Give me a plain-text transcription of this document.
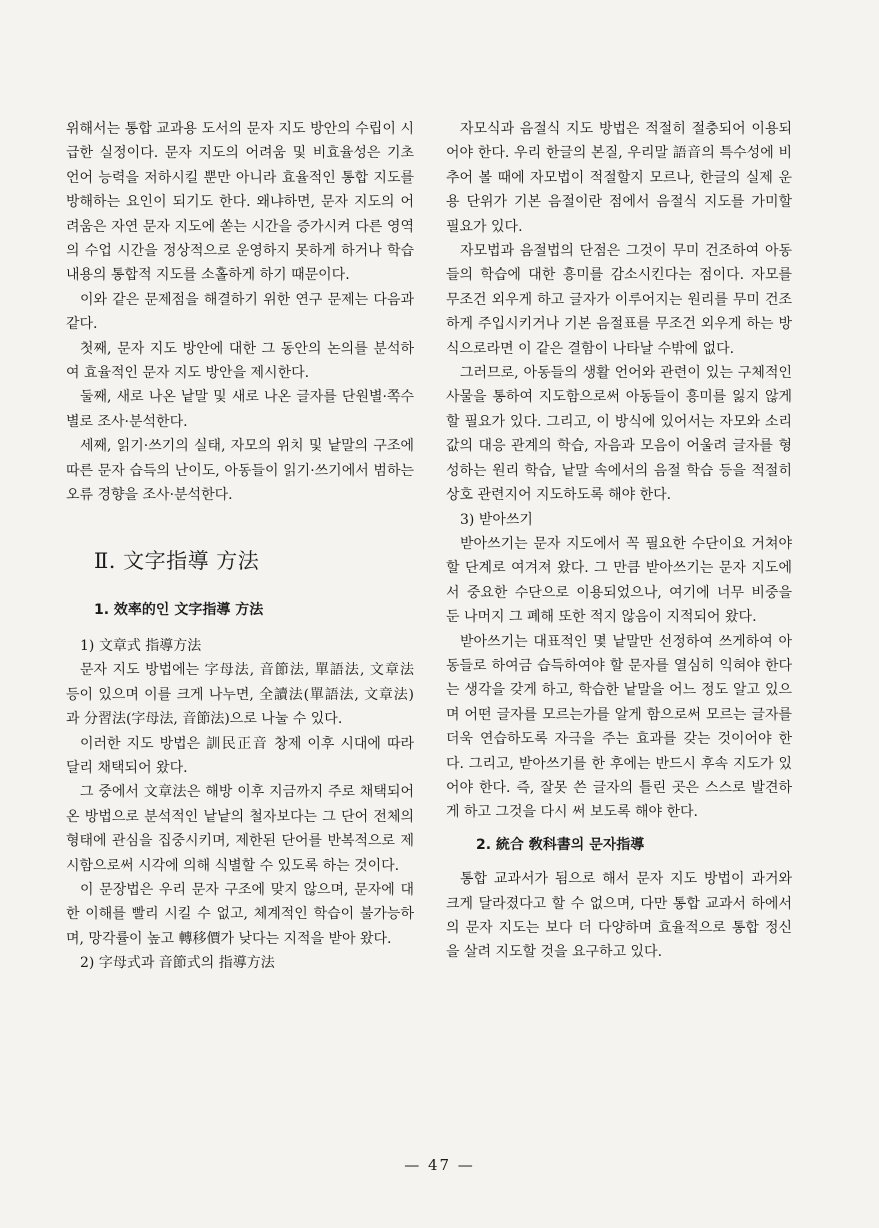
위해서는 통합 교과용 도서의 문자 지도 방안의 수립이 시급한 실정이다. 문자 지도의 어려움 및 비효율성은 기초 언어 능력을 저하시킬 뿐만 아니라 효율적인 통합 지도를 방해하는 요인이 되기도 한다. 왜냐하면, 문자 지도의 어려움은 자연 문자 지도에 쏟는 시간을 증가시켜 다른 영역의 수업 시간을 정상적으로 운영하지 못하게 하거나 학습 내용의 통합적 지도를 소홀하게 하기 때문이다.

이와 같은 문제점을 해결하기 위한 연구 문제는 다음과 같다.

첫째, 문자 지도 방안에 대한 그 동안의 논의를 분석하여 효율적인 문자 지도 방안을 제시한다.

둘째, 새로 나온 낱말 및 새로 나온 글자를 단원별·쪽수별로 조사·분석한다.

세째, 읽기·쓰기의 실태, 자모의 위치 및 낱말의 구조에 따른 문자 습득의 난이도, 아동들이 읽기·쓰기에서 범하는 오류 경향을 조사·분석한다.

Ⅱ. 文字指導 方法
1. 效率的인 文字指導 方法
1) 文章式 指導方法

문자 지도 방법에는 字母法, 音節法, 單語法, 文章法 등이 있으며 이를 크게 나누면, 全讀法(單語法, 文章法)과 分習法(字母法, 音節法)으로 나눌 수 있다.

이러한 지도 방법은 訓民正音 창제 이후 시대에 따라 달리 채택되어 왔다.

그 중에서 文章法은 해방 이후 지금까지 주로 채택되어 온 방법으로 분석적인 낱낱의 철자보다는 그 단어 전체의 형태에 관심을 집중시키며, 제한된 단어를 반복적으로 제시함으로써 시각에 의해 식별할 수 있도록 하는 것이다.

이 문장법은 우리 문자 구조에 맞지 않으며, 문자에 대한 이해를 빨리 시킬 수 없고, 체계적인 학습이 불가능하며, 망각률이 높고 轉移價가 낮다는 지적을 받아 왔다.

2) 字母式과 音節式의 指導方法

자모식과 음절식 지도 방법은 적절히 절충되어 이용되어야 한다. 우리 한글의 본질, 우리말 語音의 특수성에 비추어 볼 때에 자모법이 적절할지 모르나, 한글의 실제 운용 단위가 기본 음절이란 점에서 음절식 지도를 가미할 필요가 있다.

자모법과 음절법의 단점은 그것이 무미 건조하여 아동들의 학습에 대한 흥미를 감소시킨다는 점이다. 자모를 무조건 외우게 하고 글자가 이루어지는 원리를 무미 건조하게 주입시키거나 기본 음절표를 무조건 외우게 하는 방식으로라면 이 같은 결함이 나타날 수밖에 없다.

그러므로, 아동들의 생활 언어와 관련이 있는 구체적인 사물을 통하여 지도함으로써 아동들이 흥미를 잃지 않게 할 필요가 있다. 그리고, 이 방식에 있어서는 자모와 소리값의 대응 관계의 학습, 자음과 모음이 어울려 글자를 형성하는 원리 학습, 낱말 속에서의 음절 학습 등을 적절히 상호 관련지어 지도하도록 해야 한다.

3) 받아쓰기

받아쓰기는 문자 지도에서 꼭 필요한 수단이요 거쳐야 할 단계로 여겨져 왔다. 그 만큼 받아쓰기는 문자 지도에서 중요한 수단으로 이용되었으나, 여기에 너무 비중을 둔 나머지 그 폐해 또한 적지 않음이 지적되어 왔다.

받아쓰기는 대표적인 몇 낱말만 선정하여 쓰게하여 아동들로 하여금 습득하여야 할 문자를 열심히 익혀야 한다는 생각을 갖게 하고, 학습한 낱말을 어느 정도 알고 있으며 어떤 글자를 모르는가를 알게 함으로써 모르는 글자를 더욱 연습하도록 자극을 주는 효과를 갖는 것이어야 한다. 그리고, 받아쓰기를 한 후에는 반드시 후속 지도가 있어야 한다. 즉, 잘못 쓴 글자의 틀린 곳은 스스로 발견하게 하고 그것을 다시 써 보도록 해야 한다.

2. 統合 敎科書의 문자指導

통합 교과서가 됨으로 해서 문자 지도 방법이 과거와 크게 달라졌다고 할 수 없으며, 다만 통합 교과서 하에서의 문자 지도는 보다 더 다양하며 효율적으로 통합 정신을 살려 지도할 것을 요구하고 있다.

— 47 —
